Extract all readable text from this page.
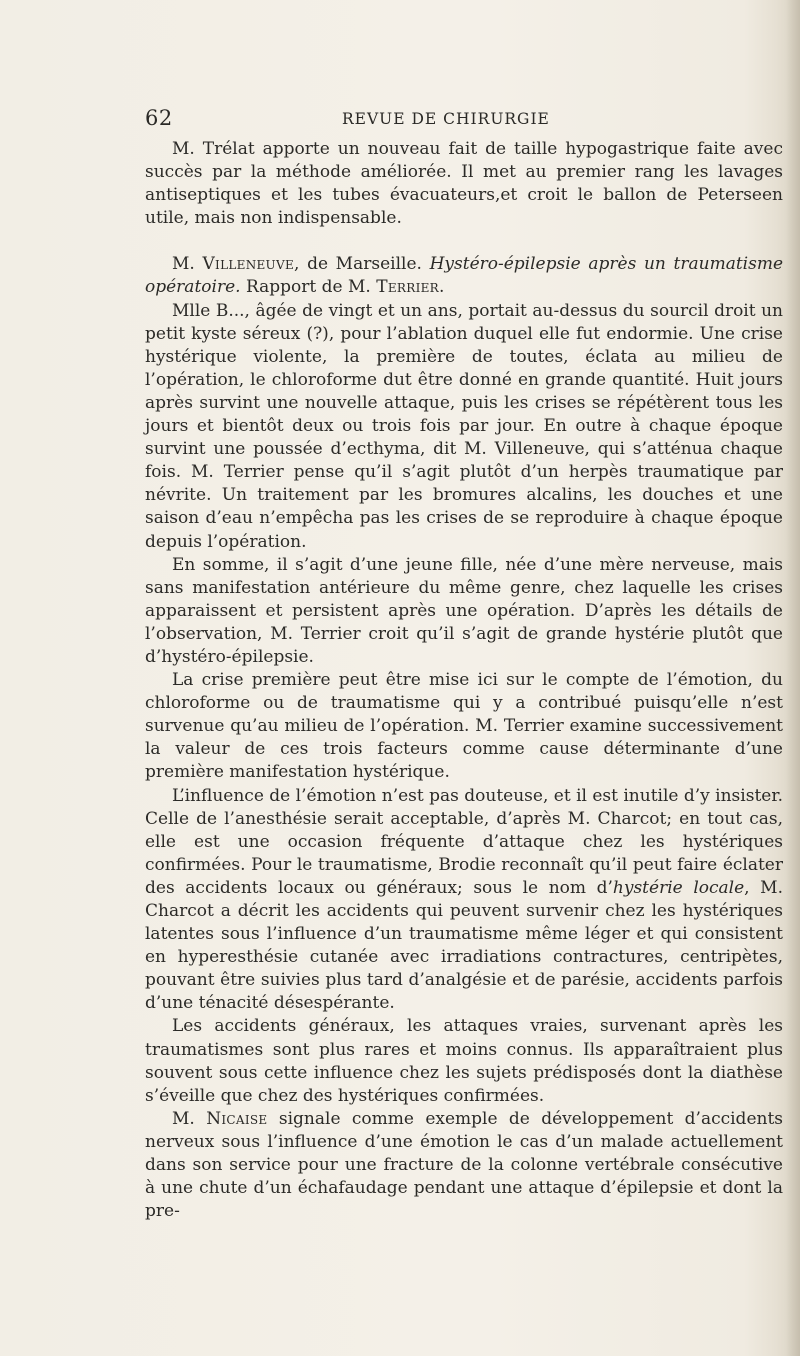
62	REVUE DE CHIRURGIE

M. Trélat apporte un nouveau fait de taille hypogastrique faite avec succès par la méthode améliorée. Il met au premier rang les lavages antiseptiques et les tubes évacuateurs,et croit le ballon de Peterseen utile, mais non indispensable.

M. Villeneuve, de Marseille. Hystéro-épilepsie après un traumatisme opératoire. Rapport de M. Terrier.

Mlle B..., âgée de vingt et un ans, portait au-dessus du sourcil droit un petit kyste séreux (?), pour l’ablation duquel elle fut endormie. Une crise hystérique violente, la première de toutes, éclata au milieu de l’opération, le chloroforme dut être donné en grande quantité. Huit jours après survint une nouvelle attaque, puis les crises se répétèrent tous les jours et bientôt deux ou trois fois par jour. En outre à chaque époque survint une poussée d’ecthyma, dit M. Villeneuve, qui s’atténua chaque fois. M. Terrier pense qu’il s’agit plutôt d’un herpès traumatique par névrite. Un traitement par les bromures alcalins, les douches et une saison d’eau n’empêcha pas les crises de se reproduire à chaque époque depuis l’opération.

En somme, il s’agit d’une jeune fille, née d’une mère nerveuse, mais sans manifestation antérieure du même genre, chez laquelle les crises apparaissent et persistent après une opération. D’après les détails de l’observation, M. Terrier croit qu’il s’agit de grande hystérie plutôt que d’hystéro-épilepsie.

La crise première peut être mise ici sur le compte de l’émotion, du chloroforme ou de traumatisme qui y a contribué puisqu’elle n’est survenue qu’au milieu de l’opération. M. Terrier examine successivement la valeur de ces trois facteurs comme cause déterminante d’une première manifestation hystérique.

L’influence de l’émotion n’est pas douteuse, et il est inutile d’y insister. Celle de l’anesthésie serait acceptable, d’après M. Charcot; en tout cas, elle est une occasion fréquente d’attaque chez les hystériques confirmées. Pour le traumatisme, Brodie reconnaît qu’il peut faire éclater des accidents locaux ou généraux; sous le nom d’hystérie locale, M. Charcot a décrit les accidents qui peuvent survenir chez les hystériques latentes sous l’influence d’un traumatisme même léger et qui consistent en hyperesthésie cutanée avec irradiations contractures, centripètes, pouvant être suivies plus tard d’analgésie et de parésie, accidents parfois d’une ténacité désespérante.

Les accidents généraux, les attaques vraies, survenant après les traumatismes sont plus rares et moins connus. Ils apparaîtraient plus souvent sous cette influence chez les sujets prédisposés dont la diathèse s’éveille que chez des hystériques confirmées.

M. Nicaise signale comme exemple de développement d’accidents nerveux sous l’influence d’une émotion le cas d’un malade actuellement dans son service pour une fracture de la colonne vertébrale consécutive à une chute d’un échafaudage pendant une attaque d’épilepsie et dont la pre-
